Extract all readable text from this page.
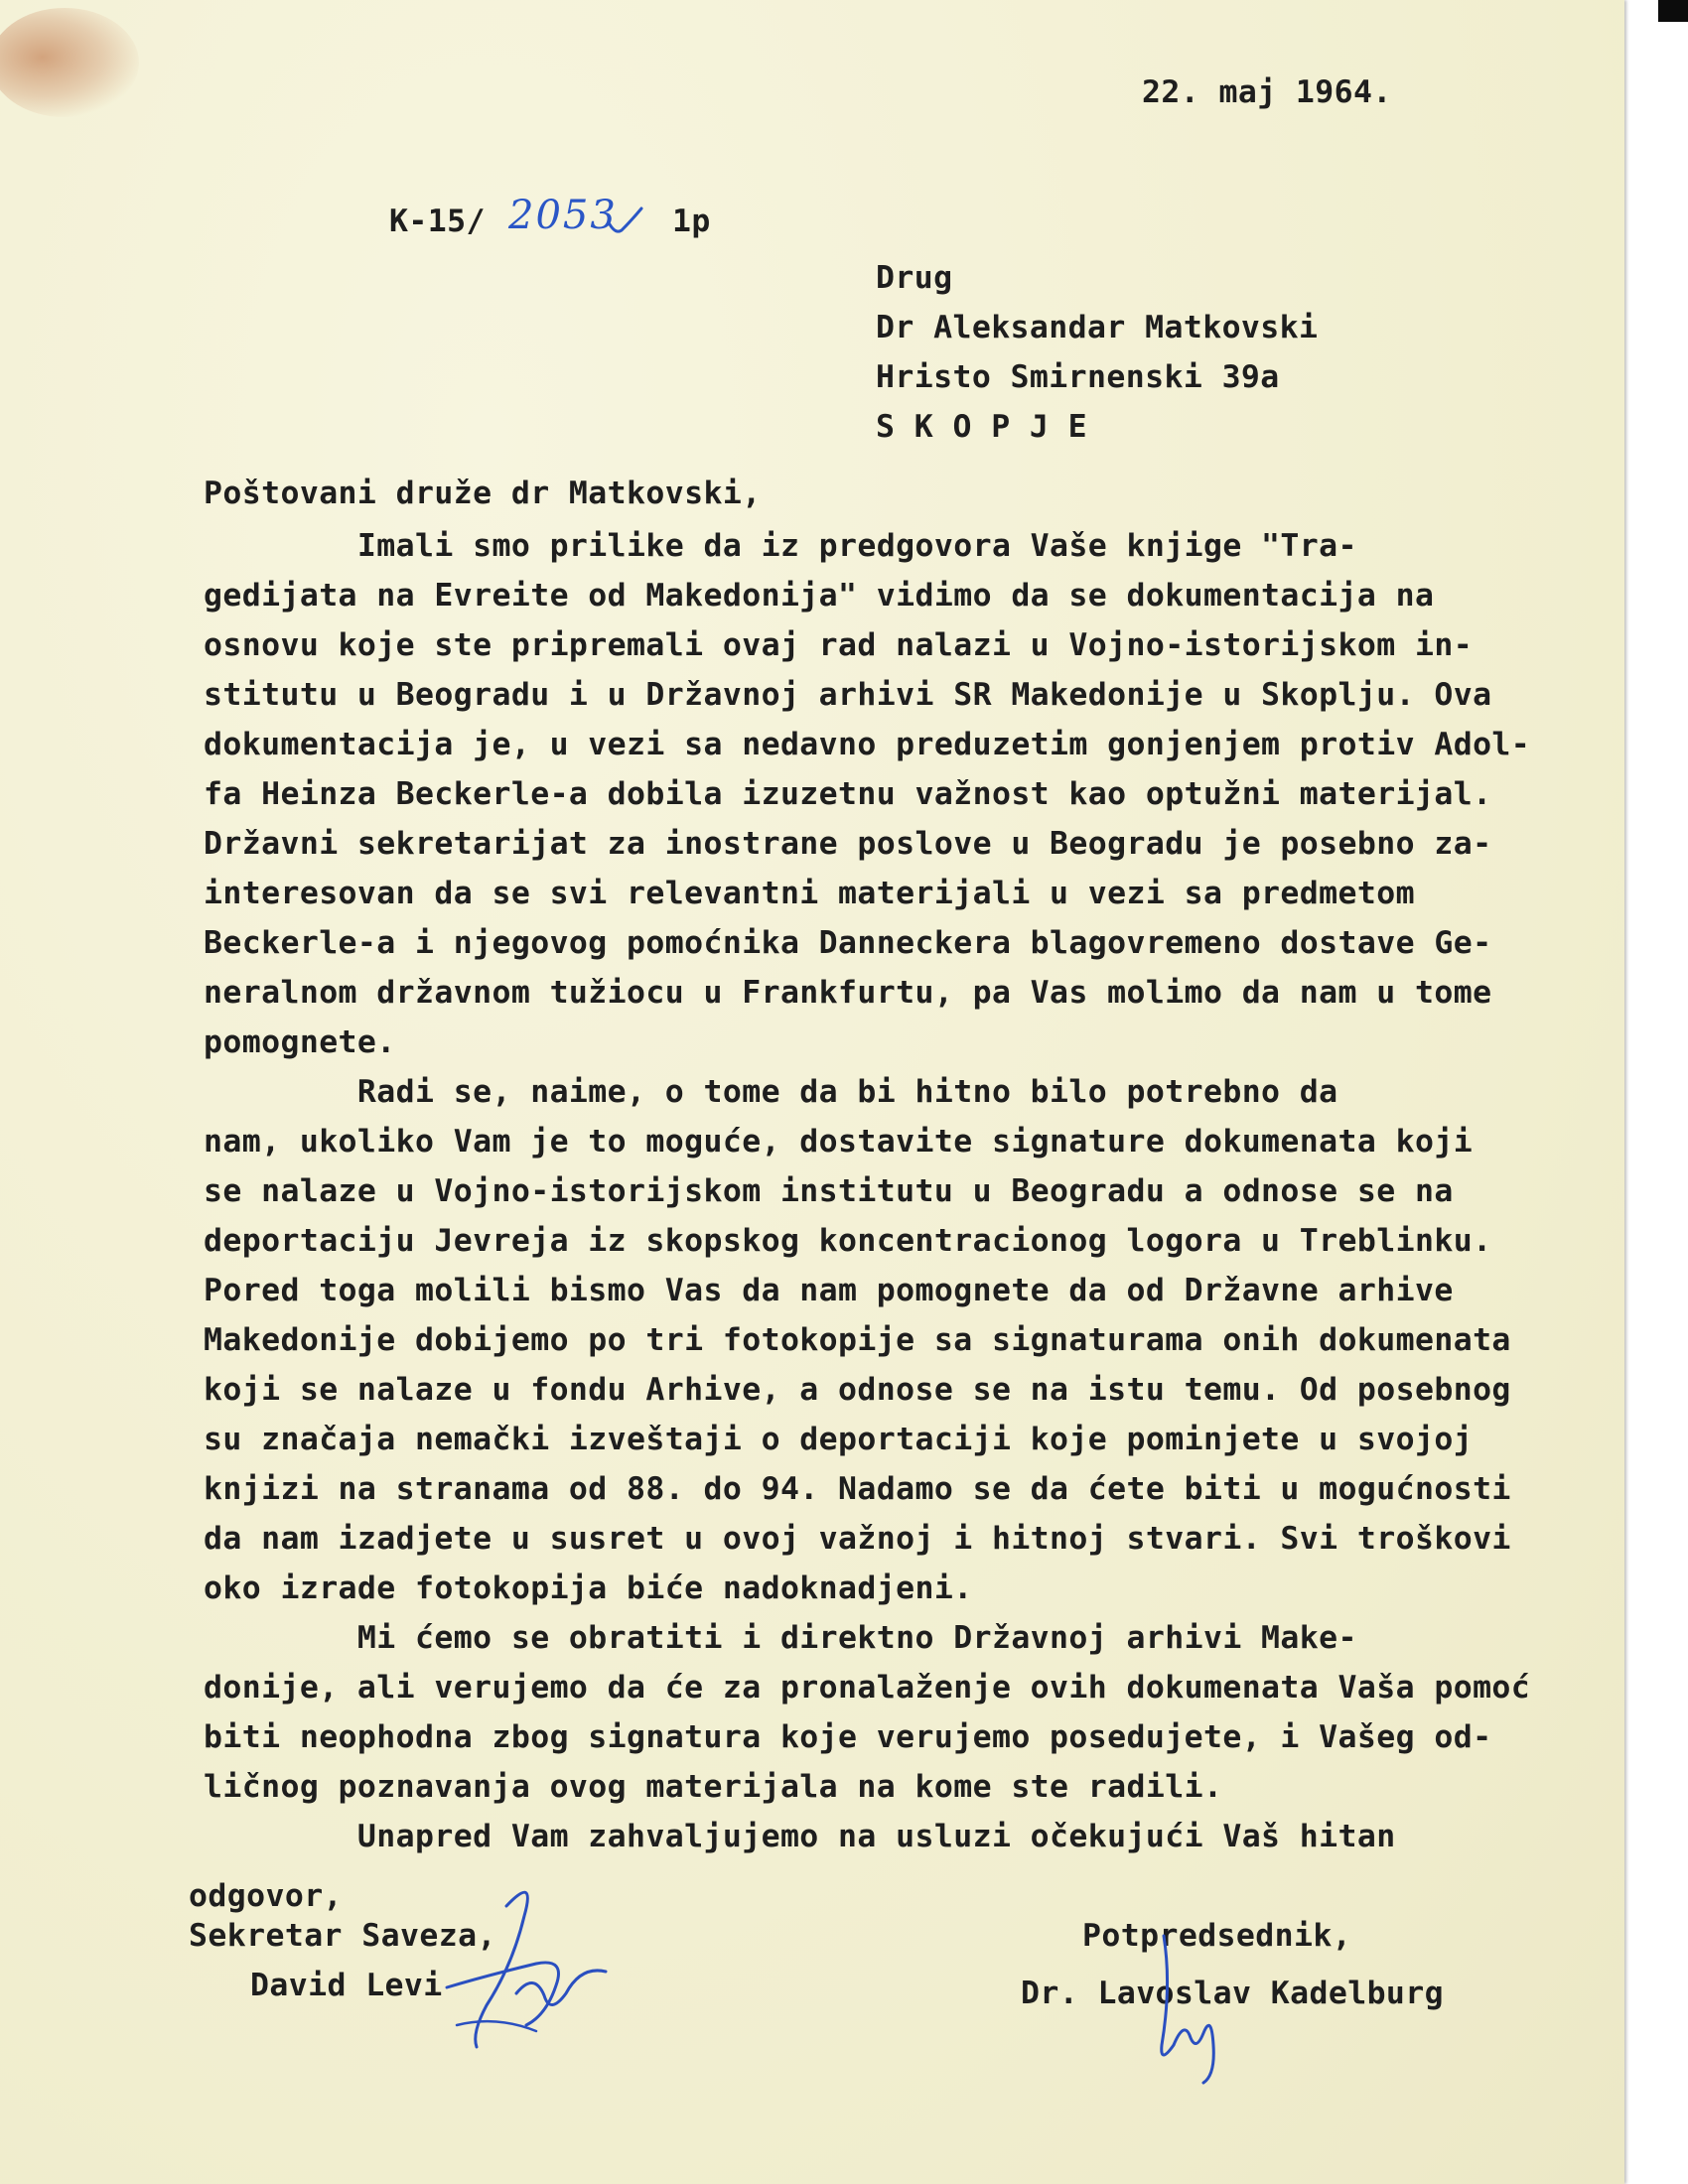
22. maj 1964.
K-15/ 2053 1p
Drug
Dr Aleksandar Matkovski
Hristo Smirnenski 39a
S K O P J E
Poštovani druže dr Matkovski,
Imali smo prilike da iz predgovora Vaše knjige "Tra-
gedijata na Evreite od Makedonija" vidimo da se dokumentacija na
osnovu koje ste pripremali ovaj rad nalazi u Vojno-istorijskom in-
stitutu u Beogradu i u Državnoj arhivi SR Makedonije u Skoplju. Ova
dokumentacija je, u vezi sa nedavno preduzetim gonjenjem protiv Adol-
fa Heinza Beckerle-a dobila izuzetnu važnost kao optužni materijal.
Državni sekretarijat za inostrane poslove u Beogradu je posebno za-
interesovan da se svi relevantni materijali u vezi sa predmetom
Beckerle-a i njegovog pomoćnika Danneckera blagovremeno dostave Ge-
neralnom državnom tužiocu u Frankfurtu, pa Vas molimo da nam u tome
pomognete.
Radi se, naime, o tome da bi hitno bilo potrebno da
nam, ukoliko Vam je to moguće, dostavite signature dokumenata koji
se nalaze u Vojno-istorijskom institutu u Beogradu a odnose se na
deportaciju Jevreja iz skopskog koncentracionog logora u Treblinku.
Pored toga molili bismo Vas da nam pomognete da od Državne arhive
Makedonije dobijemo po tri fotokopije sa signaturama onih dokumenata
koji se nalaze u fondu Arhive, a odnose se na istu temu. Od posebnog
su značaja nemački izveštaji o deportaciji koje pominjete u svojoj
knjizi na stranama od 88. do 94. Nadamo se da ćete biti u mogućnosti
da nam izadjete u susret u ovoj važnoj i hitnoj stvari. Svi troškovi
oko izrade fotokopija biće nadoknadjeni.
Mi ćemo se obratiti i direktno Državnoj arhivi Make-
donije, ali verujemo da će za pronalaženje ovih dokumenata Vaša pomoć
biti neophodna zbog signatura koje verujemo posedujete, i Vašeg od-
ličnog poznavanja ovog materijala na kome ste radili.
Unapred Vam zahvaljujemo na usluzi očekujući Vaš hitan
odgovor,
Sekretar Saveza,
David Levi
Potpredsednik,
Dr. Lavoslav Kadelburg
